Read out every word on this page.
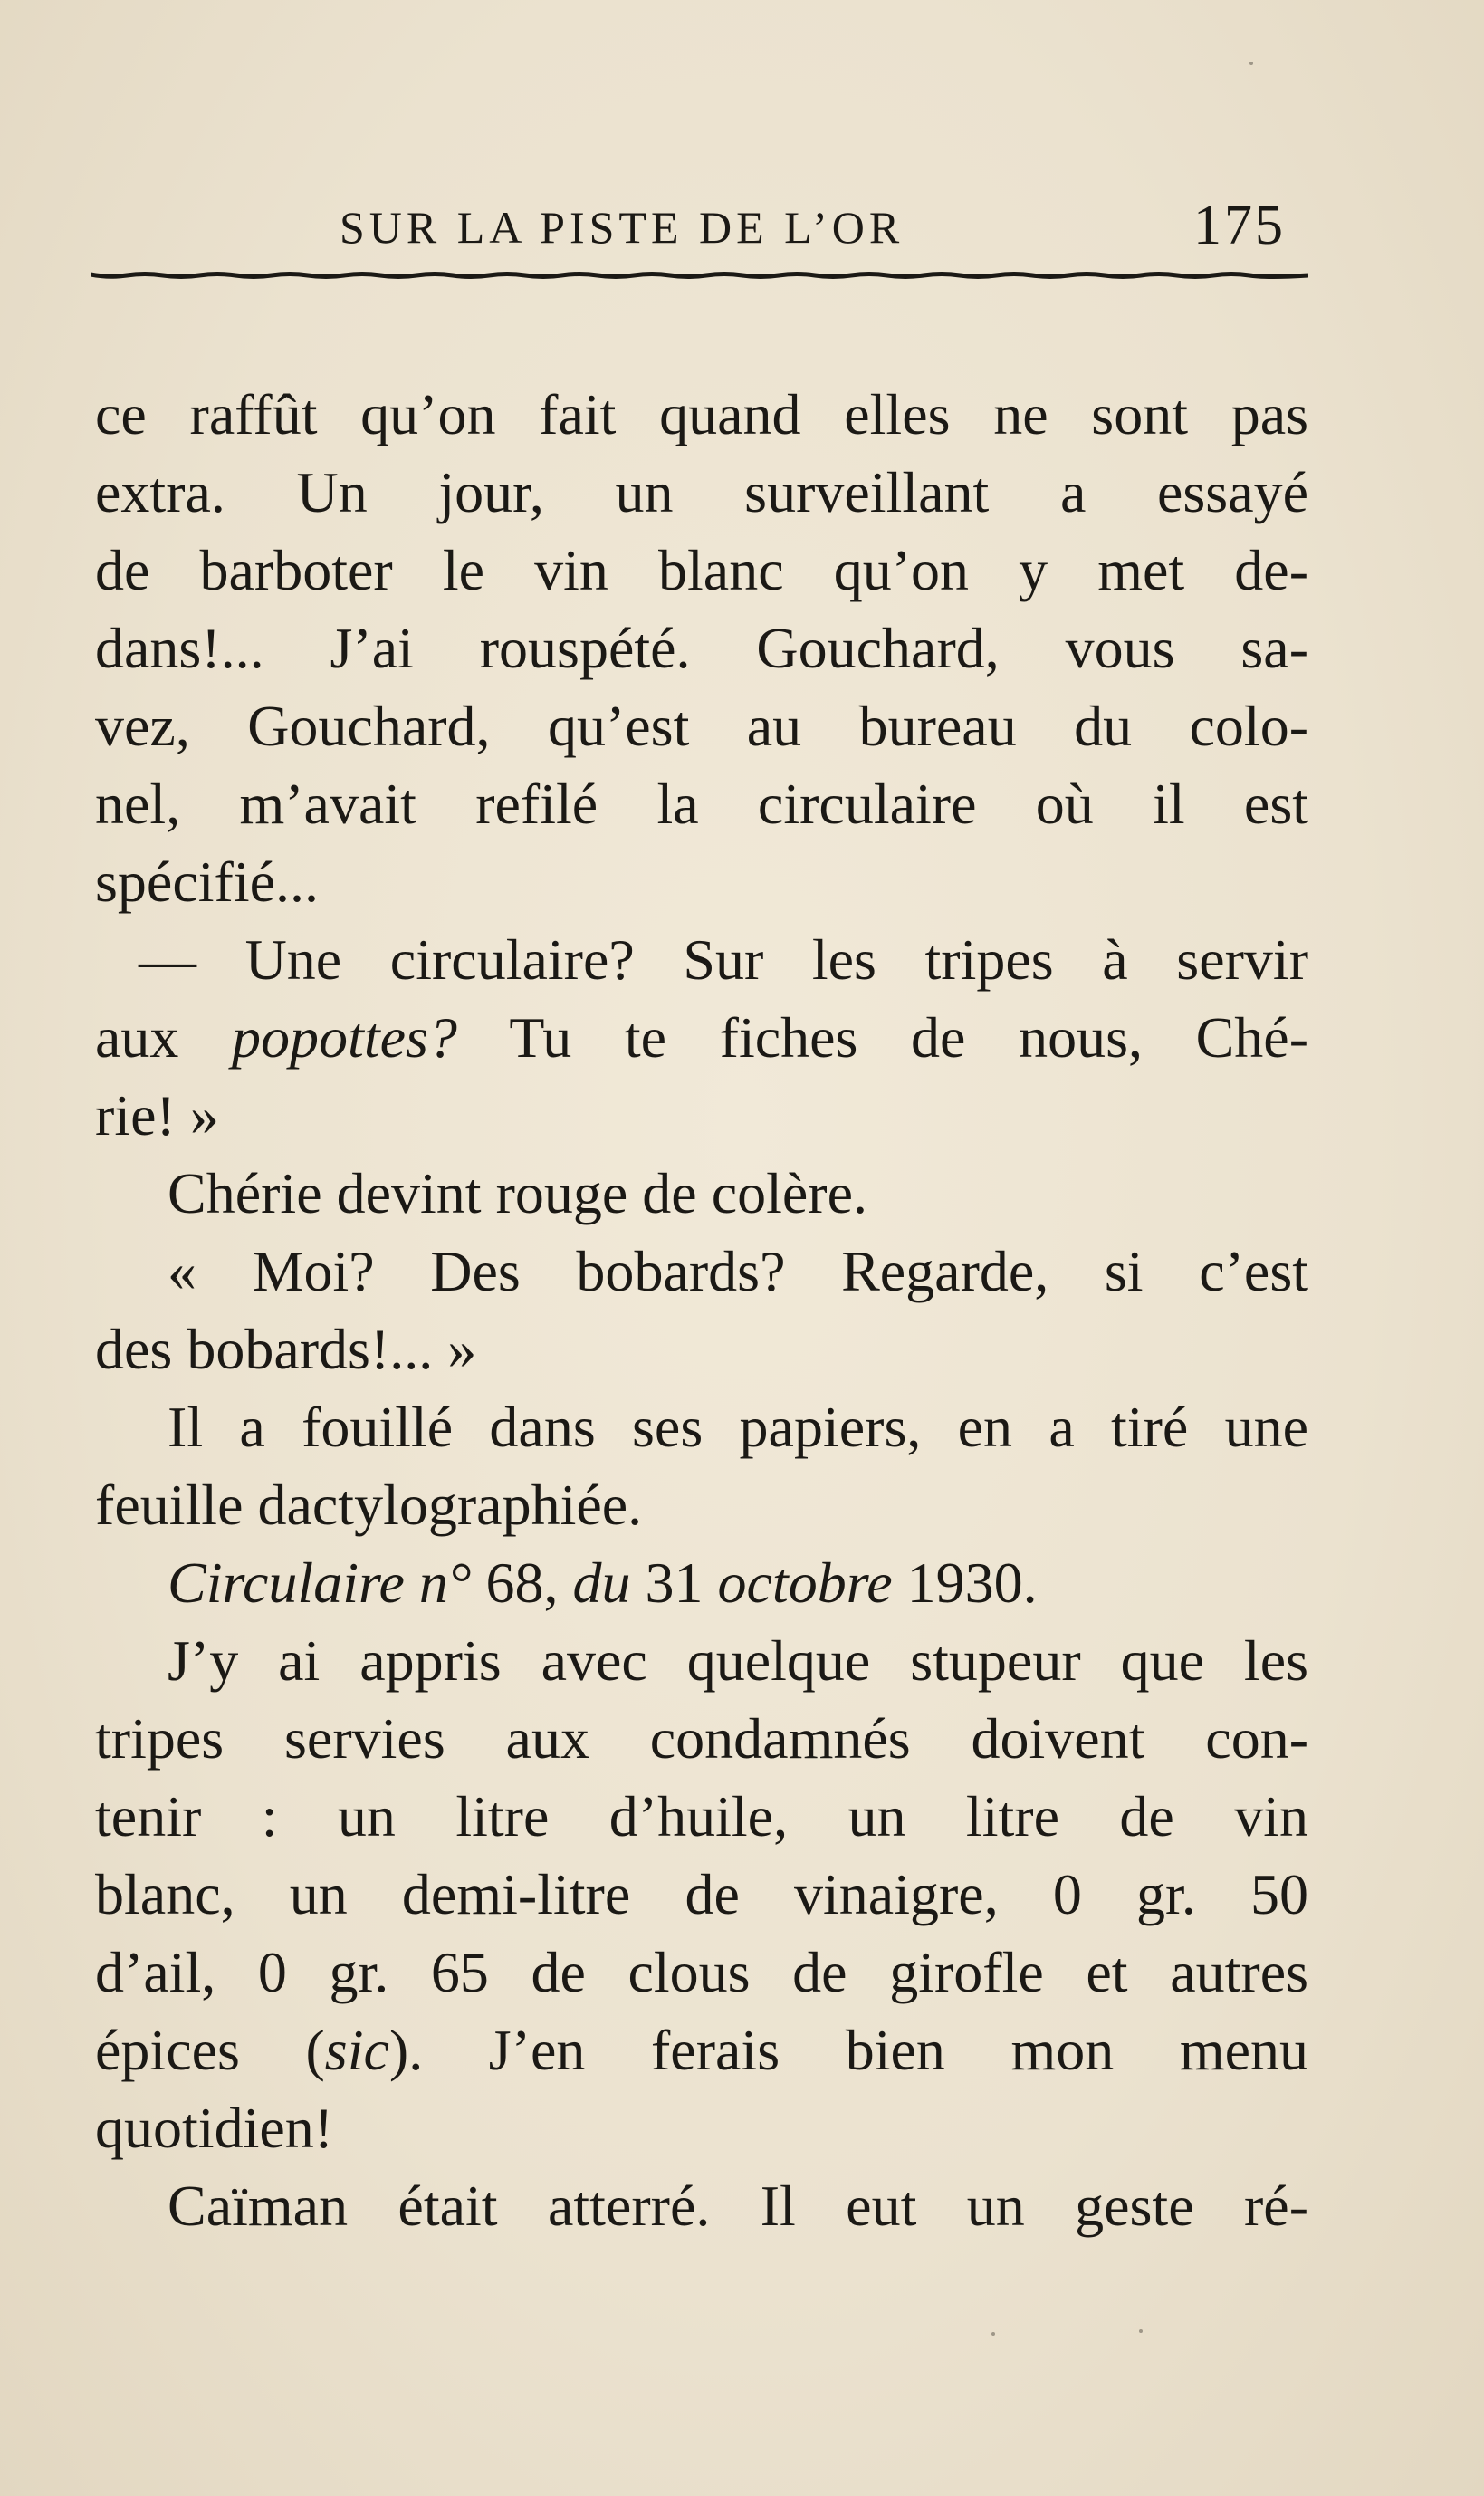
SUR LA PISTE DE L’OR	175
ce raffût qu’on fait quand elles ne sont pas
extra. Un jour, un surveillant a essayé
de barboter le vin blanc qu’on y met de-
dans!... J’ai rouspété. Gouchard, vous sa-
vez, Gouchard, qu’est au bureau du colo-
nel, m’avait refilé la circulaire où il est
spécifié...
— Une circulaire? Sur les tripes à servir
aux popottes? Tu te fiches de nous, Ché-
rie! »
Chérie devint rouge de colère.
« Moi? Des bobards? Regarde, si c’est
des bobards!... »
Il a fouillé dans ses papiers, en a tiré une
feuille dactylographiée.
Circulaire n° 68, du 31 octobre 1930.
J’y ai appris avec quelque stupeur que les
tripes servies aux condamnés doivent con-
tenir : un litre d’huile, un litre de vin
blanc, un demi-litre de vinaigre, 0 gr. 50
d’ail, 0 gr. 65 de clous de girofle et autres
épices (sic). J’en ferais bien mon menu
quotidien!
Caïman était atterré. Il eut un geste ré-
